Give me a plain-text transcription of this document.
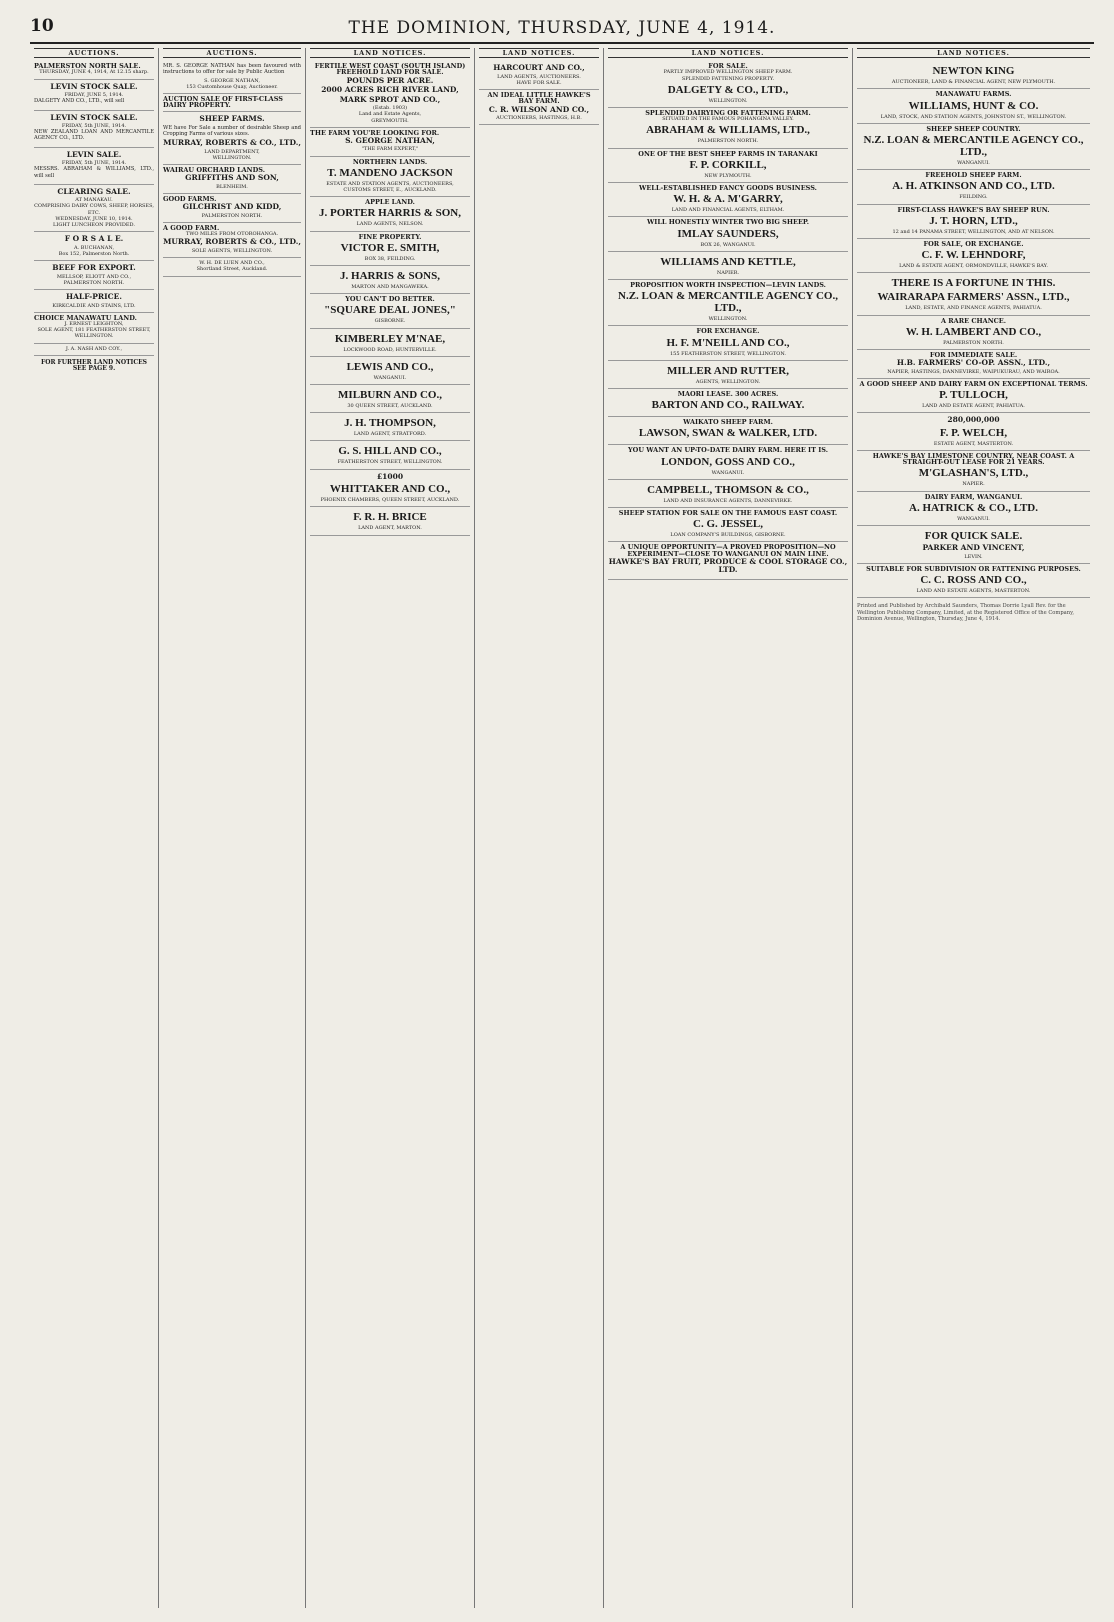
10	THE DOMINION, THURSDAY, JUNE 4, 1914.
AUCTIONS.
PALMERSTON NORTH SALE.
THURSDAY, JUNE 4, 1914, At 12.15 sharp.
LEVIN STOCK SALE.
FRIDAY, JUNE 5, 1914.

DALGETY AND CO., LTD., will sell

LEVIN STOCK SALE.
FRIDAY, 5th JUNE, 1914.

NEW ZEALAND LOAN AND MERCANTILE AGENCY CO., LTD.

LEVIN SALE.
FRIDAY, 5th JUNE, 1914.

MESSRS. ABRAHAM & WILLIAMS, LTD., will sell

CLEARING SALE.
AT MANAKAU.
COMPRISING DAIRY COWS, SHEEP, HORSES, ETC.
WEDNESDAY, JUNE 10, 1914.
LIGHT LUNCHEON PROVIDED.
F O R S A L E.
A. BUCHANAN,
Box 152, Palmerston North.
BEEF FOR EXPORT.
MELLSOP, ELIOTT AND CO.,
PALMERSTON NORTH.
HALF-PRICE.
KIRKCALDIE AND STAINS, LTD.
CHOICE MANAWATU LAND.
J. ERNEST LEIGHTON,
SOLE AGENT, 181 FEATHERSTON STREET, WELLINGTON.
J. A. NASH AND COY.,
FOR FURTHER LAND NOTICES SEE PAGE 9.
AUCTIONS.

MR. S. GEORGE NATHAN has been favoured with instructions to offer for sale by Public Auction

S. GEORGE NATHAN,
153 Customhouse Quay, Auctioneer.
AUCTION SALE OF FIRST-CLASS DAIRY PROPERTY.
SHEEP FARMS.

WE have For Sale a number of desirable Sheep and Cropping Farms of various sizes.

MURRAY, ROBERTS & CO., LTD.,
LAND DEPARTMENT,
WELLINGTON.
WAIRAU ORCHARD LANDS.
GRIFFITHS AND SON,
BLENHEIM.
GOOD FARMS.
GILCHRIST AND KIDD,
PALMERSTON NORTH.
A GOOD FARM.
TWO MILES FROM OTOROHANGA.
MURRAY, ROBERTS & CO., LTD.,
SOLE AGENTS, WELLINGTON.
W. H. DE LUEN AND CO.,
Shortland Street, Auckland.
LAND NOTICES.
FERTILE WEST COAST (SOUTH ISLAND) FREEHOLD LAND FOR SALE.
POUNDS PER ACRE.
2000 ACRES RICH RIVER LAND,
MARK SPROT AND CO.,
(Estab. 1903)
Land and Estate Agents,
GREYMOUTH.
THE FARM YOU'RE LOOKING FOR.
S. GEORGE NATHAN,
"THE FARM EXPERT,"
NORTHERN LANDS.
T. MANDENO JACKSON
ESTATE AND STATION AGENTS, AUCTIONEERS,
CUSTOMS STREET, E., AUCKLAND.
APPLE LAND.
J. PORTER HARRIS & SON,
LAND AGENTS, NELSON.
FINE PROPERTY.
VICTOR E. SMITH,
BOX 38, FEILDING.
J. HARRIS & SONS,
MARTON AND MANGAWEKA.
YOU CAN'T DO BETTER.
"SQUARE DEAL JONES,"
GISBORNE.
KIMBERLEY M'NAE,
LOCKWOOD ROAD, HUNTERVILLE.
LEWIS AND CO.,
WANGANUI.
MILBURN AND CO.,
30 QUEEN STREET, AUCKLAND.
J. H. THOMPSON,
LAND AGENT, STRATFORD.
G. S. HILL AND CO.,
FEATHERSTON STREET, WELLINGTON.
£1000
WHITTAKER AND CO.,
PHOENIX CHAMBERS, QUEEN STREET, AUCKLAND.
F. R. H. BRICE
LAND AGENT, MARTON.
LAND NOTICES.
HARCOURT AND CO.,
LAND AGENTS, AUCTIONEERS.
HAVE FOR SALE.
AN IDEAL LITTLE HAWKE'S BAY FARM.
C. R. WILSON AND CO.,
AUCTIONEERS, HASTINGS, H.B.
LAND NOTICES.
FOR SALE.
PARTLY IMPROVED WELLINGTON SHEEP FARM.
SPLENDID FATTENING PROPERTY.
DALGETY & CO., LTD.,
WELLINGTON.
SPLENDID DAIRYING OR FATTENING FARM.
SITUATED IN THE FAMOUS POHANGINA VALLEY.
ABRAHAM & WILLIAMS, LTD.,
PALMERSTON NORTH.
ONE OF THE BEST SHEEP FARMS IN TARANAKI
F. P. CORKILL,
NEW PLYMOUTH.
WELL-ESTABLISHED FANCY GOODS BUSINESS.
W. H. & A. M'GARRY,
LAND AND FINANCIAL AGENTS, ELTHAM.
WILL HONESTLY WINTER TWO BIG SHEEP.
IMLAY SAUNDERS,
BOX 26, WANGANUI.
WILLIAMS AND KETTLE,
NAPIER.
PROPOSITION WORTH INSPECTION—LEVIN LANDS.
N.Z. LOAN & MERCANTILE AGENCY CO., LTD.,
WELLINGTON.
FOR EXCHANGE.
H. F. M'NEILL AND CO.,
155 FEATHERSTON STREET, WELLINGTON.
MILLER AND RUTTER,
AGENTS, WELLINGTON.
MAORI LEASE. 300 ACRES.
BARTON AND CO., RAILWAY.
WAIKATO SHEEP FARM.
LAWSON, SWAN & WALKER, LTD.
YOU WANT AN UP-TO-DATE DAIRY FARM. HERE IT IS.
LONDON, GOSS AND CO.,
WANGANUI.
CAMPBELL, THOMSON & CO.,
LAND AND INSURANCE AGENTS, DANNEVIRKE.
SHEEP STATION FOR SALE ON THE FAMOUS EAST COAST.
C. G. JESSEL,
LOAN COMPANY'S BUILDINGS, GISBORNE.
A UNIQUE OPPORTUNITY—A PROVED PROPOSITION—NO EXPERIMENT—CLOSE TO WANGANUI ON MAIN LINE.
HAWKE'S BAY FRUIT, PRODUCE & COOL STORAGE CO., LTD.
LAND NOTICES.
NEWTON KING
AUCTIONEER, LAND & FINANCIAL AGENT, NEW PLYMOUTH.
MANAWATU FARMS.
WILLIAMS, HUNT & CO.
LAND, STOCK, AND STATION AGENTS, JOHNSTON ST., WELLINGTON.
SHEEP SHEEP COUNTRY.
N.Z. LOAN & MERCANTILE AGENCY CO., LTD.,
WANGANUI.
FREEHOLD SHEEP FARM.
A. H. ATKINSON AND CO., LTD.
FEILDING.
FIRST-CLASS HAWKE'S BAY SHEEP RUN.
J. T. HORN, LTD.,
12 and 14 PANAMA STREET, WELLINGTON, AND AT NELSON.
FOR SALE, OR EXCHANGE.
C. F. W. LEHNDORF,
LAND & ESTATE AGENT, ORMONDVILLE, HAWKE'S BAY.
THERE IS A FORTUNE IN THIS.
WAIRARAPA FARMERS' ASSN., LTD.,
LAND, ESTATE, AND FINANCE AGENTS, PAHIATUA.
A RARE CHANCE.
W. H. LAMBERT AND CO.,
PALMERSTON NORTH.
FOR IMMEDIATE SALE.
H.B. FARMERS' CO-OP. ASSN., LTD.,
NAPIER, HASTINGS, DANNEVIRKE, WAIPUKURAU, AND WAIROA.
A GOOD SHEEP AND DAIRY FARM ON EXCEPTIONAL TERMS.
P. TULLOCH,
LAND AND ESTATE AGENT, PAHIATUA.
280,000,000
F. P. WELCH,
ESTATE AGENT, MASTERTON.
HAWKE'S BAY LIMESTONE COUNTRY, NEAR COAST. A STRAIGHT-OUT LEASE FOR 21 YEARS.
M'GLASHAN'S, LTD.,
NAPIER.
DAIRY FARM, WANGANUI.
A. HATRICK & CO., LTD.
WANGANUI.
FOR QUICK SALE.
PARKER AND VINCENT,
LEVIN.
SUITABLE FOR SUBDIVISION OR FATTENING PURPOSES.
C. C. ROSS AND CO.,
LAND AND ESTATE AGENTS, MASTERTON.

Printed and Published by Archibald Saunders, Thomas Dorrie Lyall Rev. for the Wellington Publishing Company, Limited, at the Registered Office of the Company, Dominion Avenue, Wellington, Thursday, June 4, 1914.
